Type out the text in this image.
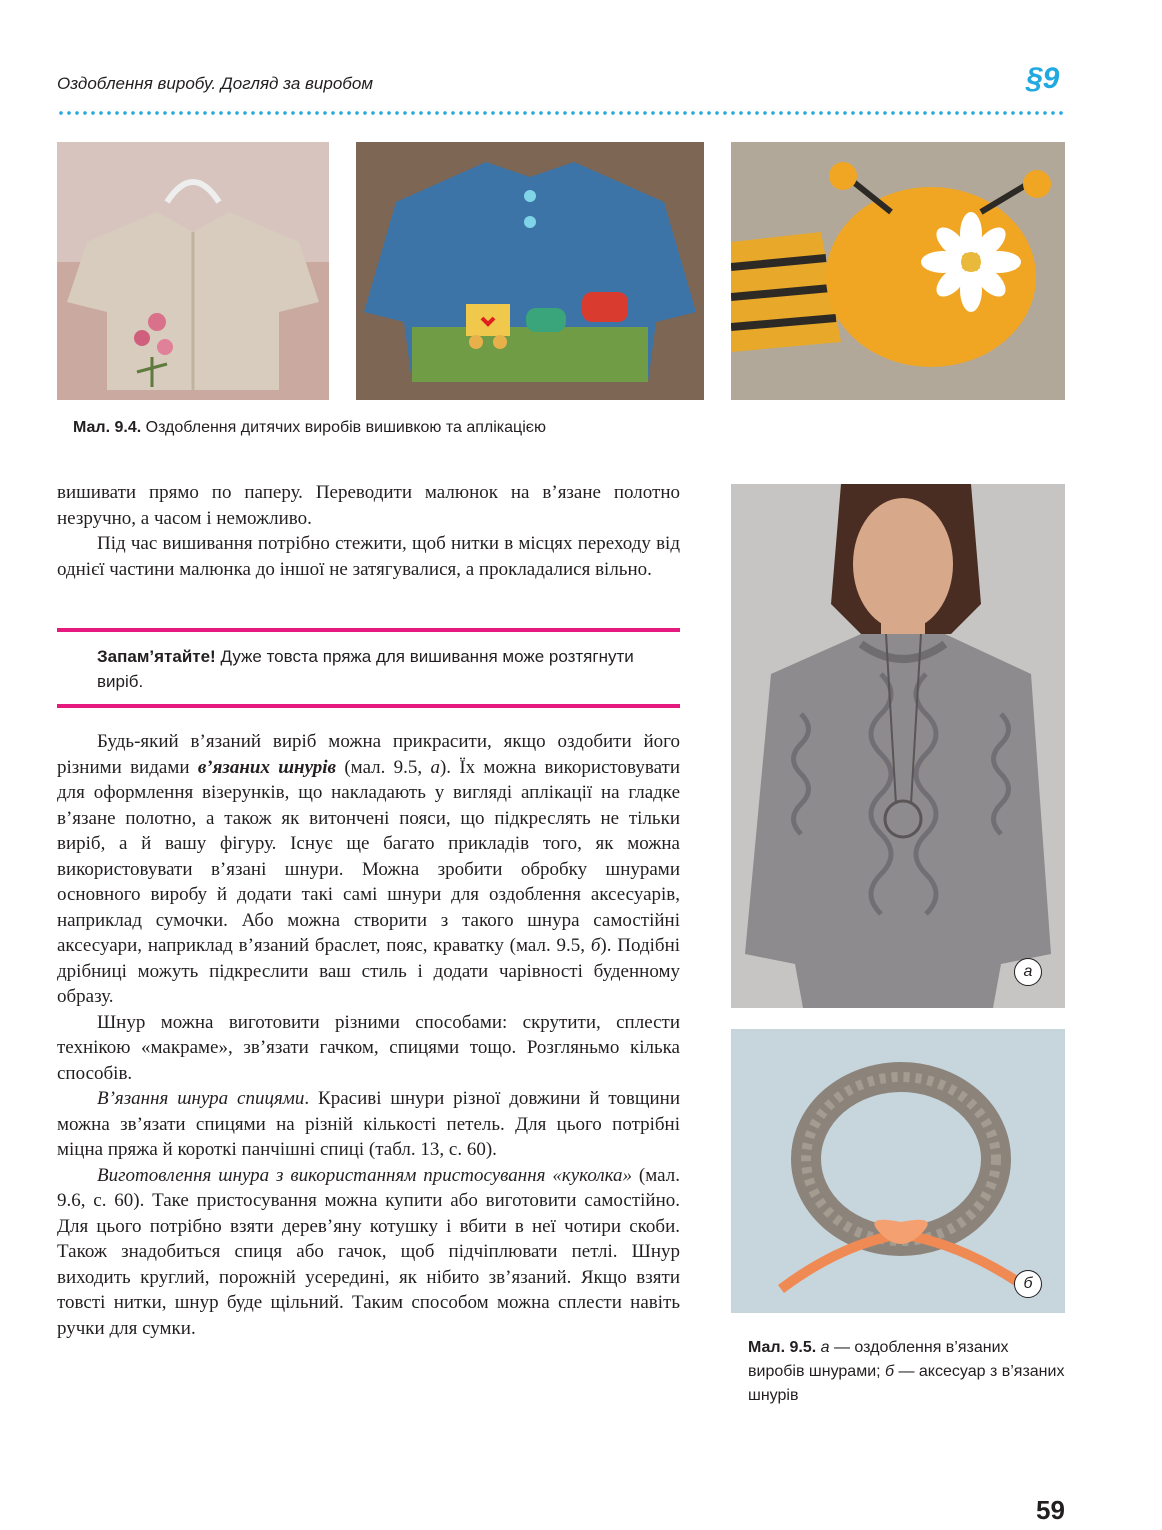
Оздоблення виробу. Догляд за виробом	§9
Мал. 9.4. Оздоблення дитячих виробів вишивкою та аплікацією

вишивати прямо по паперу. Переводити малюнок на в’язане полотно незручно, а часом і неможливо.

Під час вишивання потрібно стежити, щоб нитки в місцях переходу від однієї частини малюнка до іншої не затягувалися, а прокладалися вільно.

Запам’ятайте! Дуже товста пряжа для вишивання може розтягнути виріб.

Будь-який в’язаний виріб можна прикрасити, якщо оздобити його різними видами в’язаних шнурів (мал. 9.5, а). Їх можна використовувати для оформлення візерунків, що накладають у вигляді аплікації на гладке в’язане полотно, а також як витончені пояси, що підкреслять не тільки виріб, а й вашу фігуру. Існує ще багато прикладів того, як можна використовувати в’язані шнури. Можна зробити обробку шнурами основного виробу й додати такі самі шнури для оздоблення аксесуарів, наприклад сумочки. Або можна створити з такого шнура самостійні аксесуари, наприклад в’язаний браслет, пояс, краватку (мал. 9.5, б). Подібні дрібниці можуть підкреслити ваш стиль і додати чарівності буденному образу.

Шнур можна виготовити різними способами: скрутити, сплести технікою «макраме», зв’язати гачком, спицями тощо. Розгляньмо кілька способів.

В’язання шнура спицями. Красиві шнури різної довжини й товщини можна зв’язати спицями на різній кількості петель. Для цього потрібні міцна пряжа й короткі панчішні спиці (табл. 13, с. 60).

Виготовлення шнура з використанням пристосування «куколка» (мал. 9.6, с. 60). Таке пристосування можна купити або виготовити самостійно. Для цього потрібно взяти дерев’яну котушку і вбити в неї чотири скоби. Також знадобиться спиця або гачок, щоб підчіплювати петлі. Шнур виходить круглий, порожній усередині, як нібито зв’язаний. Якщо взяти товсті нитки, шнур буде щільний. Таким способом можна сплести навіть ручки для сумки.

а
б
Мал. 9.5. а — оздоблення в’язаних виробів шнурами; б — аксесуар з в’язаних шнурів
59
